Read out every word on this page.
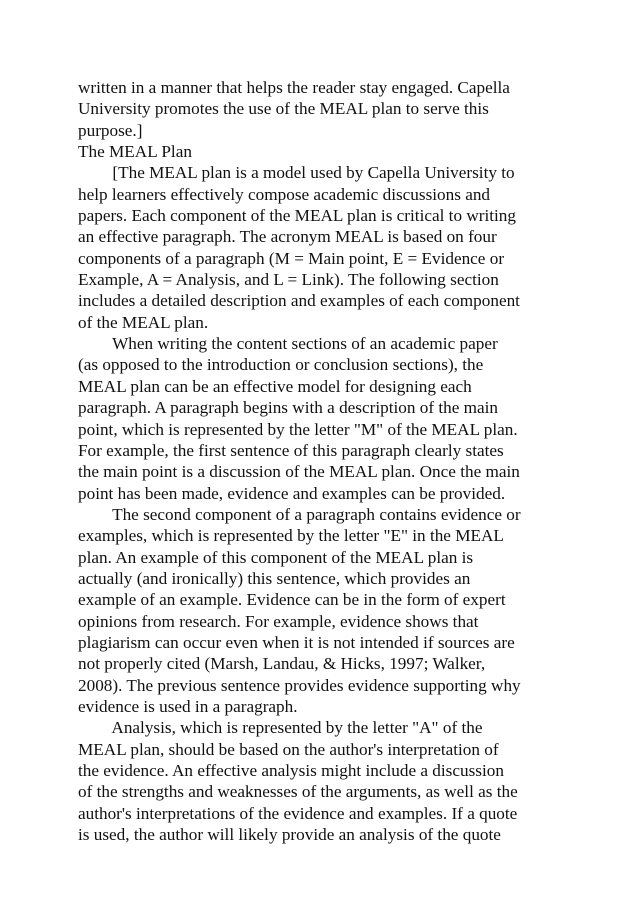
written in a manner that helps the reader stay engaged. Capella

University promotes the use of the MEAL plan to serve this

purpose.]

The MEAL Plan

[The MEAL plan is a model used by Capella University to

help learners effectively compose academic discussions and

papers. Each component of the MEAL plan is critical to writing

an effective paragraph. The acronym MEAL is based on four

components of a paragraph (M = Main point, E = Evidence or

Example, A = Analysis, and L = Link). The following section

includes a detailed description and examples of each component

of the MEAL plan.

When writing the content sections of an academic paper

(as opposed to the introduction or conclusion sections), the

MEAL plan can be an effective model for designing each

paragraph. A paragraph begins with a description of the main

point, which is represented by the letter "M" of the MEAL plan.

For example, the first sentence of this paragraph clearly states

the main point is a discussion of the MEAL plan. Once the main

point has been made, evidence and examples can be provided.

The second component of a paragraph contains evidence or

examples, which is represented by the letter "E" in the MEAL

plan. An example of this component of the MEAL plan is

actually (and ironically) this sentence, which provides an

example of an example. Evidence can be in the form of expert

opinions from research. For example, evidence shows that

plagiarism can occur even when it is not intended if sources are

not properly cited (Marsh, Landau, & Hicks, 1997; Walker,

2008). The previous sentence provides evidence supporting why

evidence is used in a paragraph.

Analysis, which is represented by the letter "A" of the

MEAL plan, should be based on the author's interpretation of

the evidence. An effective analysis might include a discussion

of the strengths and weaknesses of the arguments, as well as the

author's interpretations of the evidence and examples. If a quote

is used, the author will likely provide an analysis of the quote
